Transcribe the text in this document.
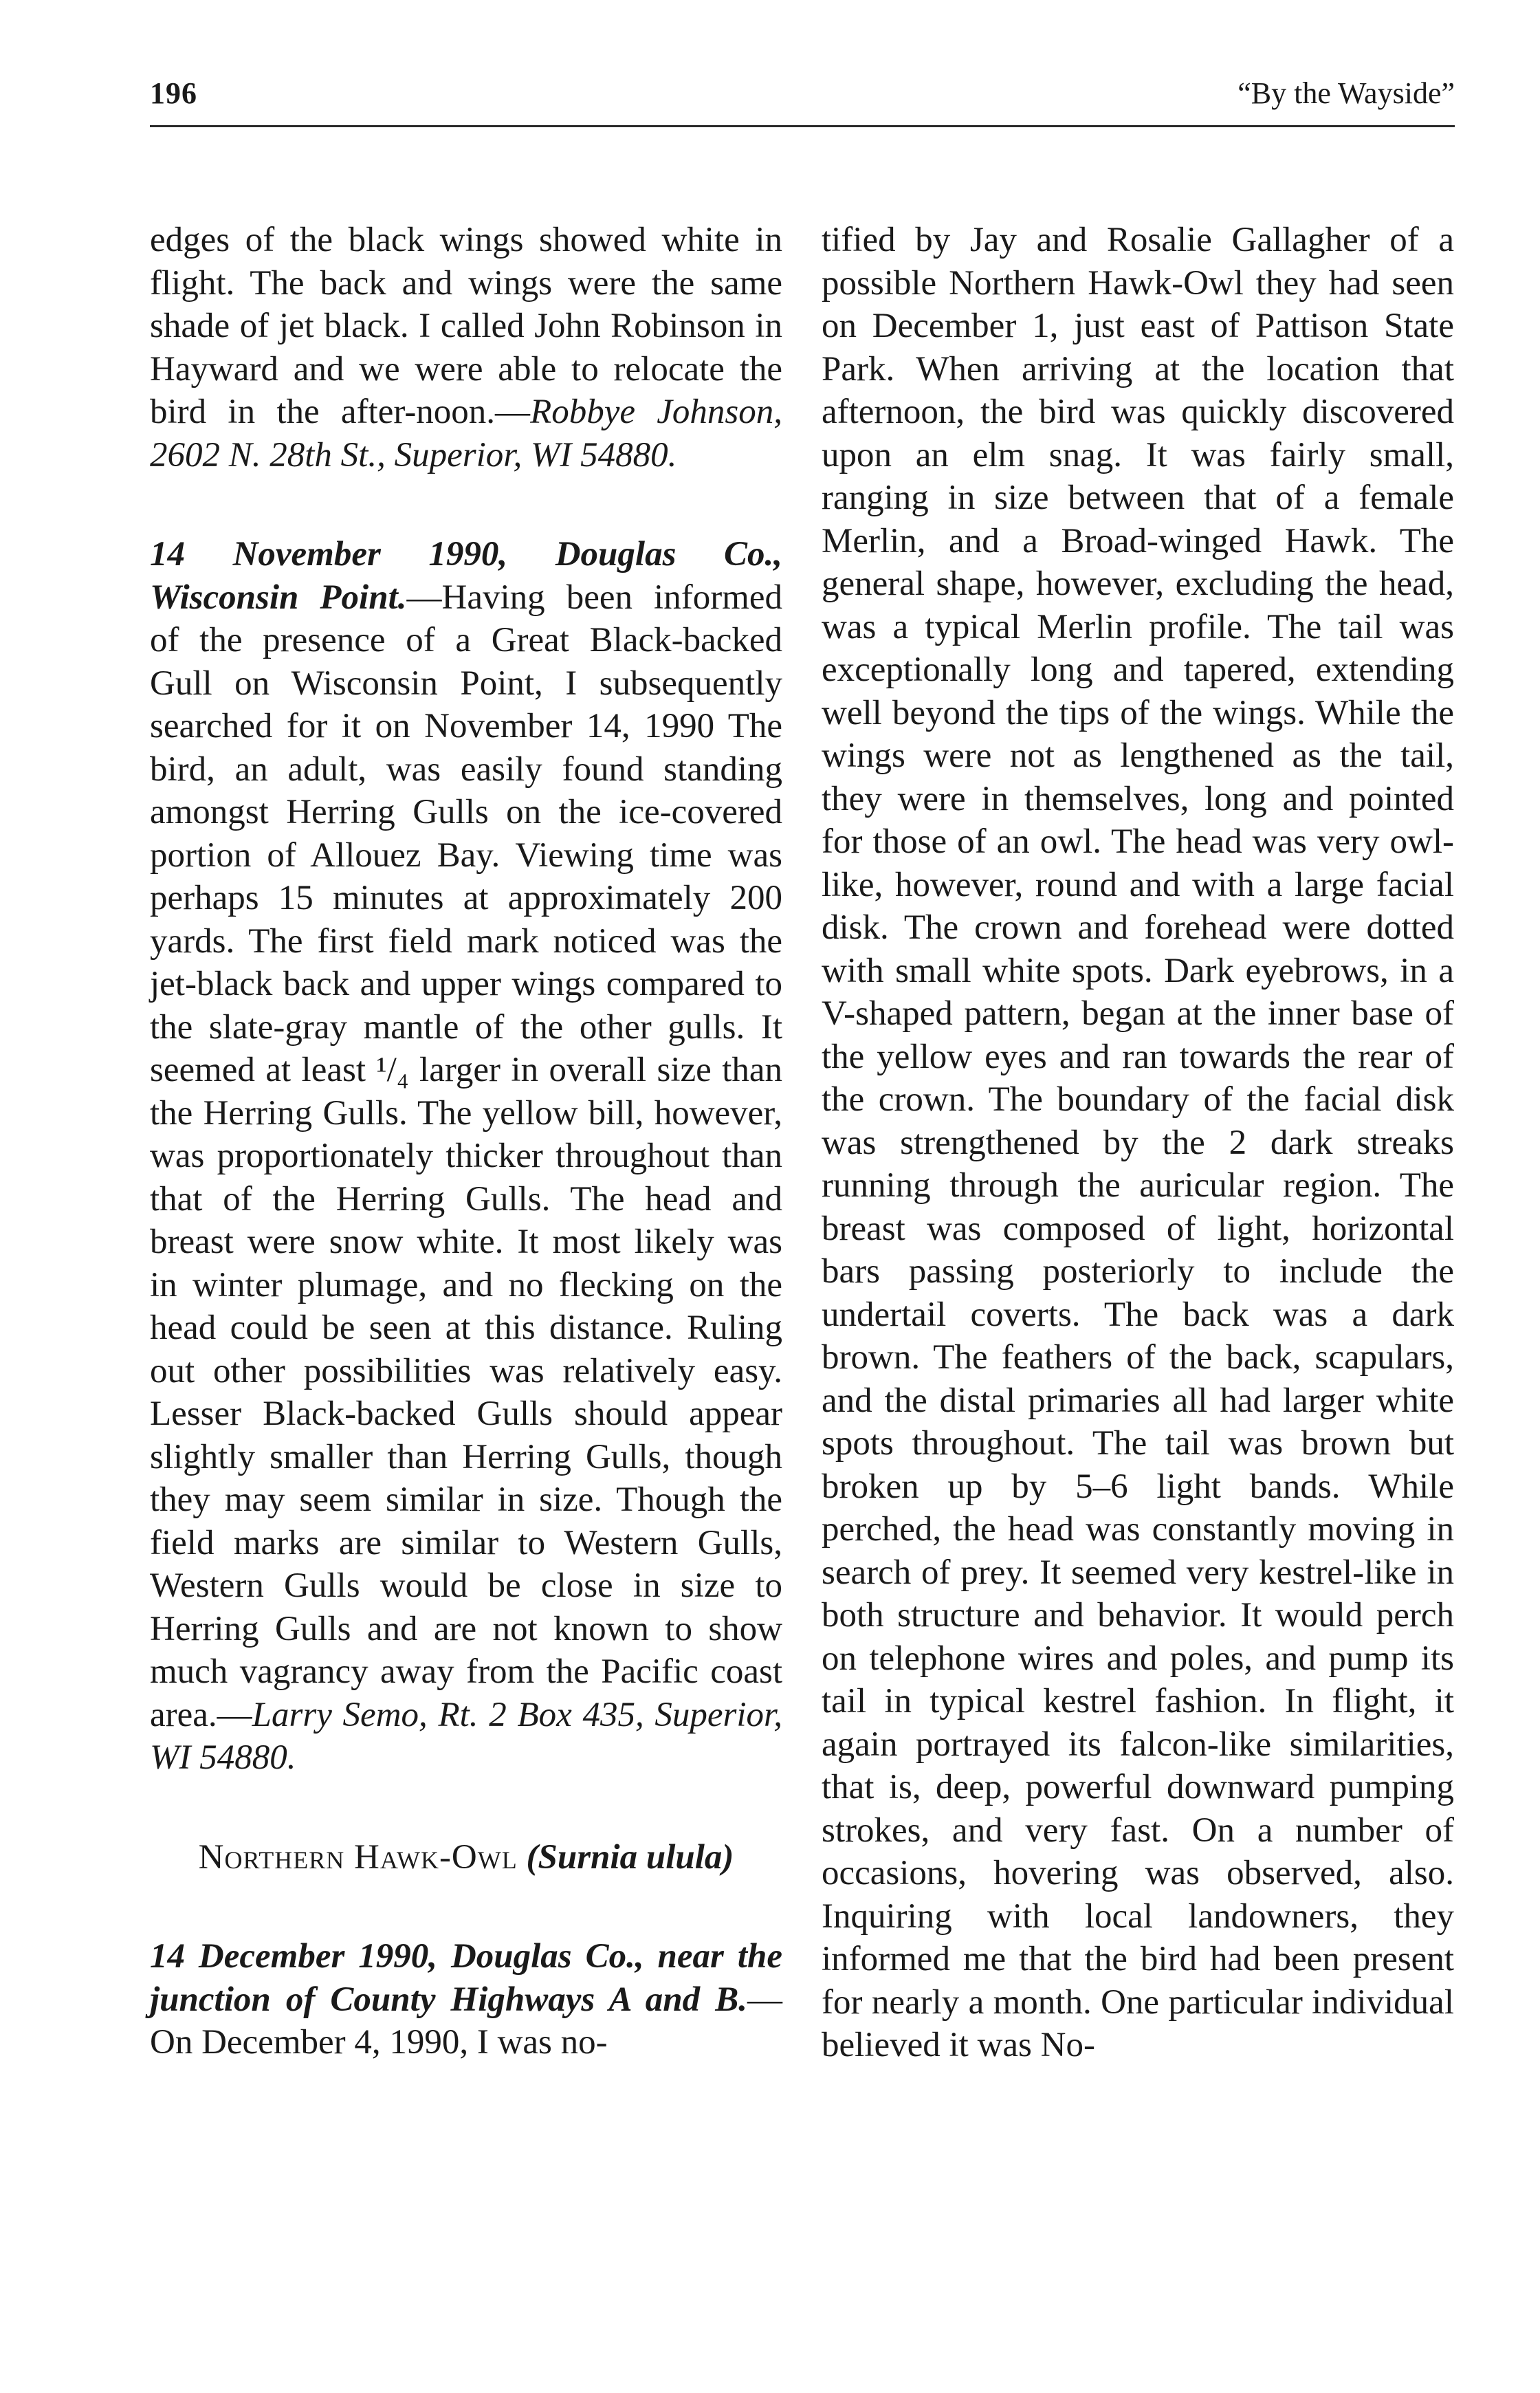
196	“By the Wayside”

edges of the black wings showed white in flight. The back and wings were the same shade of jet black. I called John Robinson in Hayward and we were able to relocate the bird in the after-noon.—Robbye Johnson, 2602 N. 28th St., Superior, WI 54880.

14 November 1990, Douglas Co., Wisconsin Point.—Having been informed of the presence of a Great Black-backed Gull on Wisconsin Point, I subsequently searched for it on November 14, 1990 The bird, an adult, was easily found standing amongst Herring Gulls on the ice-covered portion of Allouez Bay. Viewing time was perhaps 15 minutes at approximately 200 yards. The first field mark noticed was the jet-black back and upper wings compared to the slate-gray mantle of the other gulls. It seemed at least ¹/₄ larger in overall size than the Herring Gulls. The yellow bill, however, was proportionately thicker throughout than that of the Herring Gulls. The head and breast were snow white. It most likely was in winter plumage, and no flecking on the head could be seen at this distance. Ruling out other possibilities was relatively easy. Lesser Black-backed Gulls should appear slightly smaller than Herring Gulls, though they may seem similar in size. Though the field marks are similar to Western Gulls, Western Gulls would be close in size to Herring Gulls and are not known to show much vagrancy away from the Pacific coast area.—Larry Semo, Rt. 2 Box 435, Superior, WI 54880.

Northern Hawk-Owl (Surnia ulula)

14 December 1990, Douglas Co., near the junction of County Highways A and B.—On December 4, 1990, I was no-

tified by Jay and Rosalie Gallagher of a possible Northern Hawk-Owl they had seen on December 1, just east of Pattison State Park. When arriving at the location that afternoon, the bird was quickly discovered upon an elm snag. It was fairly small, ranging in size between that of a female Merlin, and a Broad-winged Hawk. The general shape, however, excluding the head, was a typical Merlin profile. The tail was exceptionally long and tapered, extending well beyond the tips of the wings. While the wings were not as lengthened as the tail, they were in themselves, long and pointed for those of an owl. The head was very owl-like, however, round and with a large facial disk. The crown and forehead were dotted with small white spots. Dark eyebrows, in a V-shaped pattern, began at the inner base of the yellow eyes and ran towards the rear of the crown. The boundary of the facial disk was strengthened by the 2 dark streaks running through the auricular region. The breast was composed of light, horizontal bars passing posteriorly to include the undertail coverts. The back was a dark brown. The feathers of the back, scapulars, and the distal primaries all had larger white spots throughout. The tail was brown but broken up by 5–6 light bands. While perched, the head was constantly moving in search of prey. It seemed very kestrel-like in both structure and behavior. It would perch on telephone wires and poles, and pump its tail in typical kestrel fashion. In flight, it again portrayed its falcon-like similarities, that is, deep, powerful downward pumping strokes, and very fast. On a number of occasions, hovering was observed, also. Inquiring with local landowners, they informed me that the bird had been present for nearly a month. One particular individual believed it was No-
